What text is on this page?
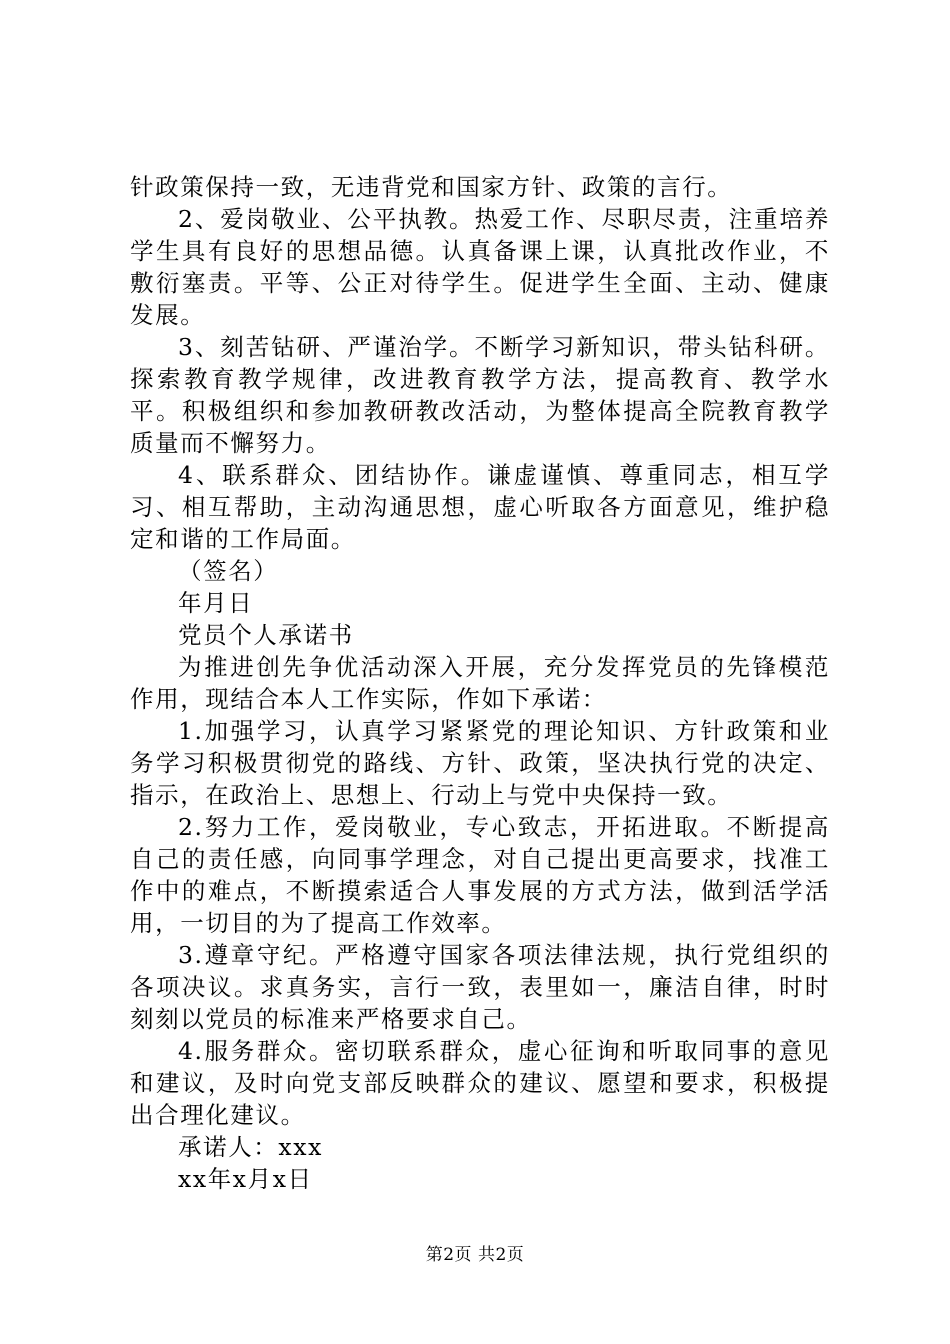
针政策保持一致，无违背党和国家方针、政策的言行。

2、爱岗敬业、公平执教。热爱工作、尽职尽责，注重培养学生具有良好的思想品德。认真备课上课，认真批改作业，不敷衍塞责。平等、公正对待学生。促进学生全面、主动、健康发展。

3、刻苦钻研、严谨治学。不断学习新知识，带头钻科研。探索教育教学规律，改进教育教学方法，提高教育、教学水平。积极组织和参加教研教改活动，为整体提高全院教育教学质量而不懈努力。

4、联系群众、团结协作。谦虚谨慎、尊重同志，相互学习、相互帮助，主动沟通思想，虚心听取各方面意见，维护稳定和谐的工作局面。

（签名）

年月日

党员个人承诺书

为推进创先争优活动深入开展，充分发挥党员的先锋模范作用，现结合本人工作实际，作如下承诺：

1.加强学习，认真学习紧紧党的理论知识、方针政策和业务学习积极贯彻党的路线、方针、政策，坚决执行党的决定、指示，在政治上、思想上、行动上与党中央保持一致。

2.努力工作，爱岗敬业，专心致志，开拓进取。不断提高自己的责任感，向同事学理念，对自己提出更高要求，找准工作中的难点，不断摸索适合人事发展的方式方法，做到活学活用，一切目的为了提高工作效率。

3.遵章守纪。严格遵守国家各项法律法规，执行党组织的各项决议。求真务实，言行一致，表里如一，廉洁自律，时时刻刻以党员的标准来严格要求自己。

4.服务群众。密切联系群众，虚心征询和听取同事的意见和建议，及时向党支部反映群众的建议、愿望和要求，积极提出合理化建议。

承诺人：xxx

xx年x月x日

第2页 共2页
